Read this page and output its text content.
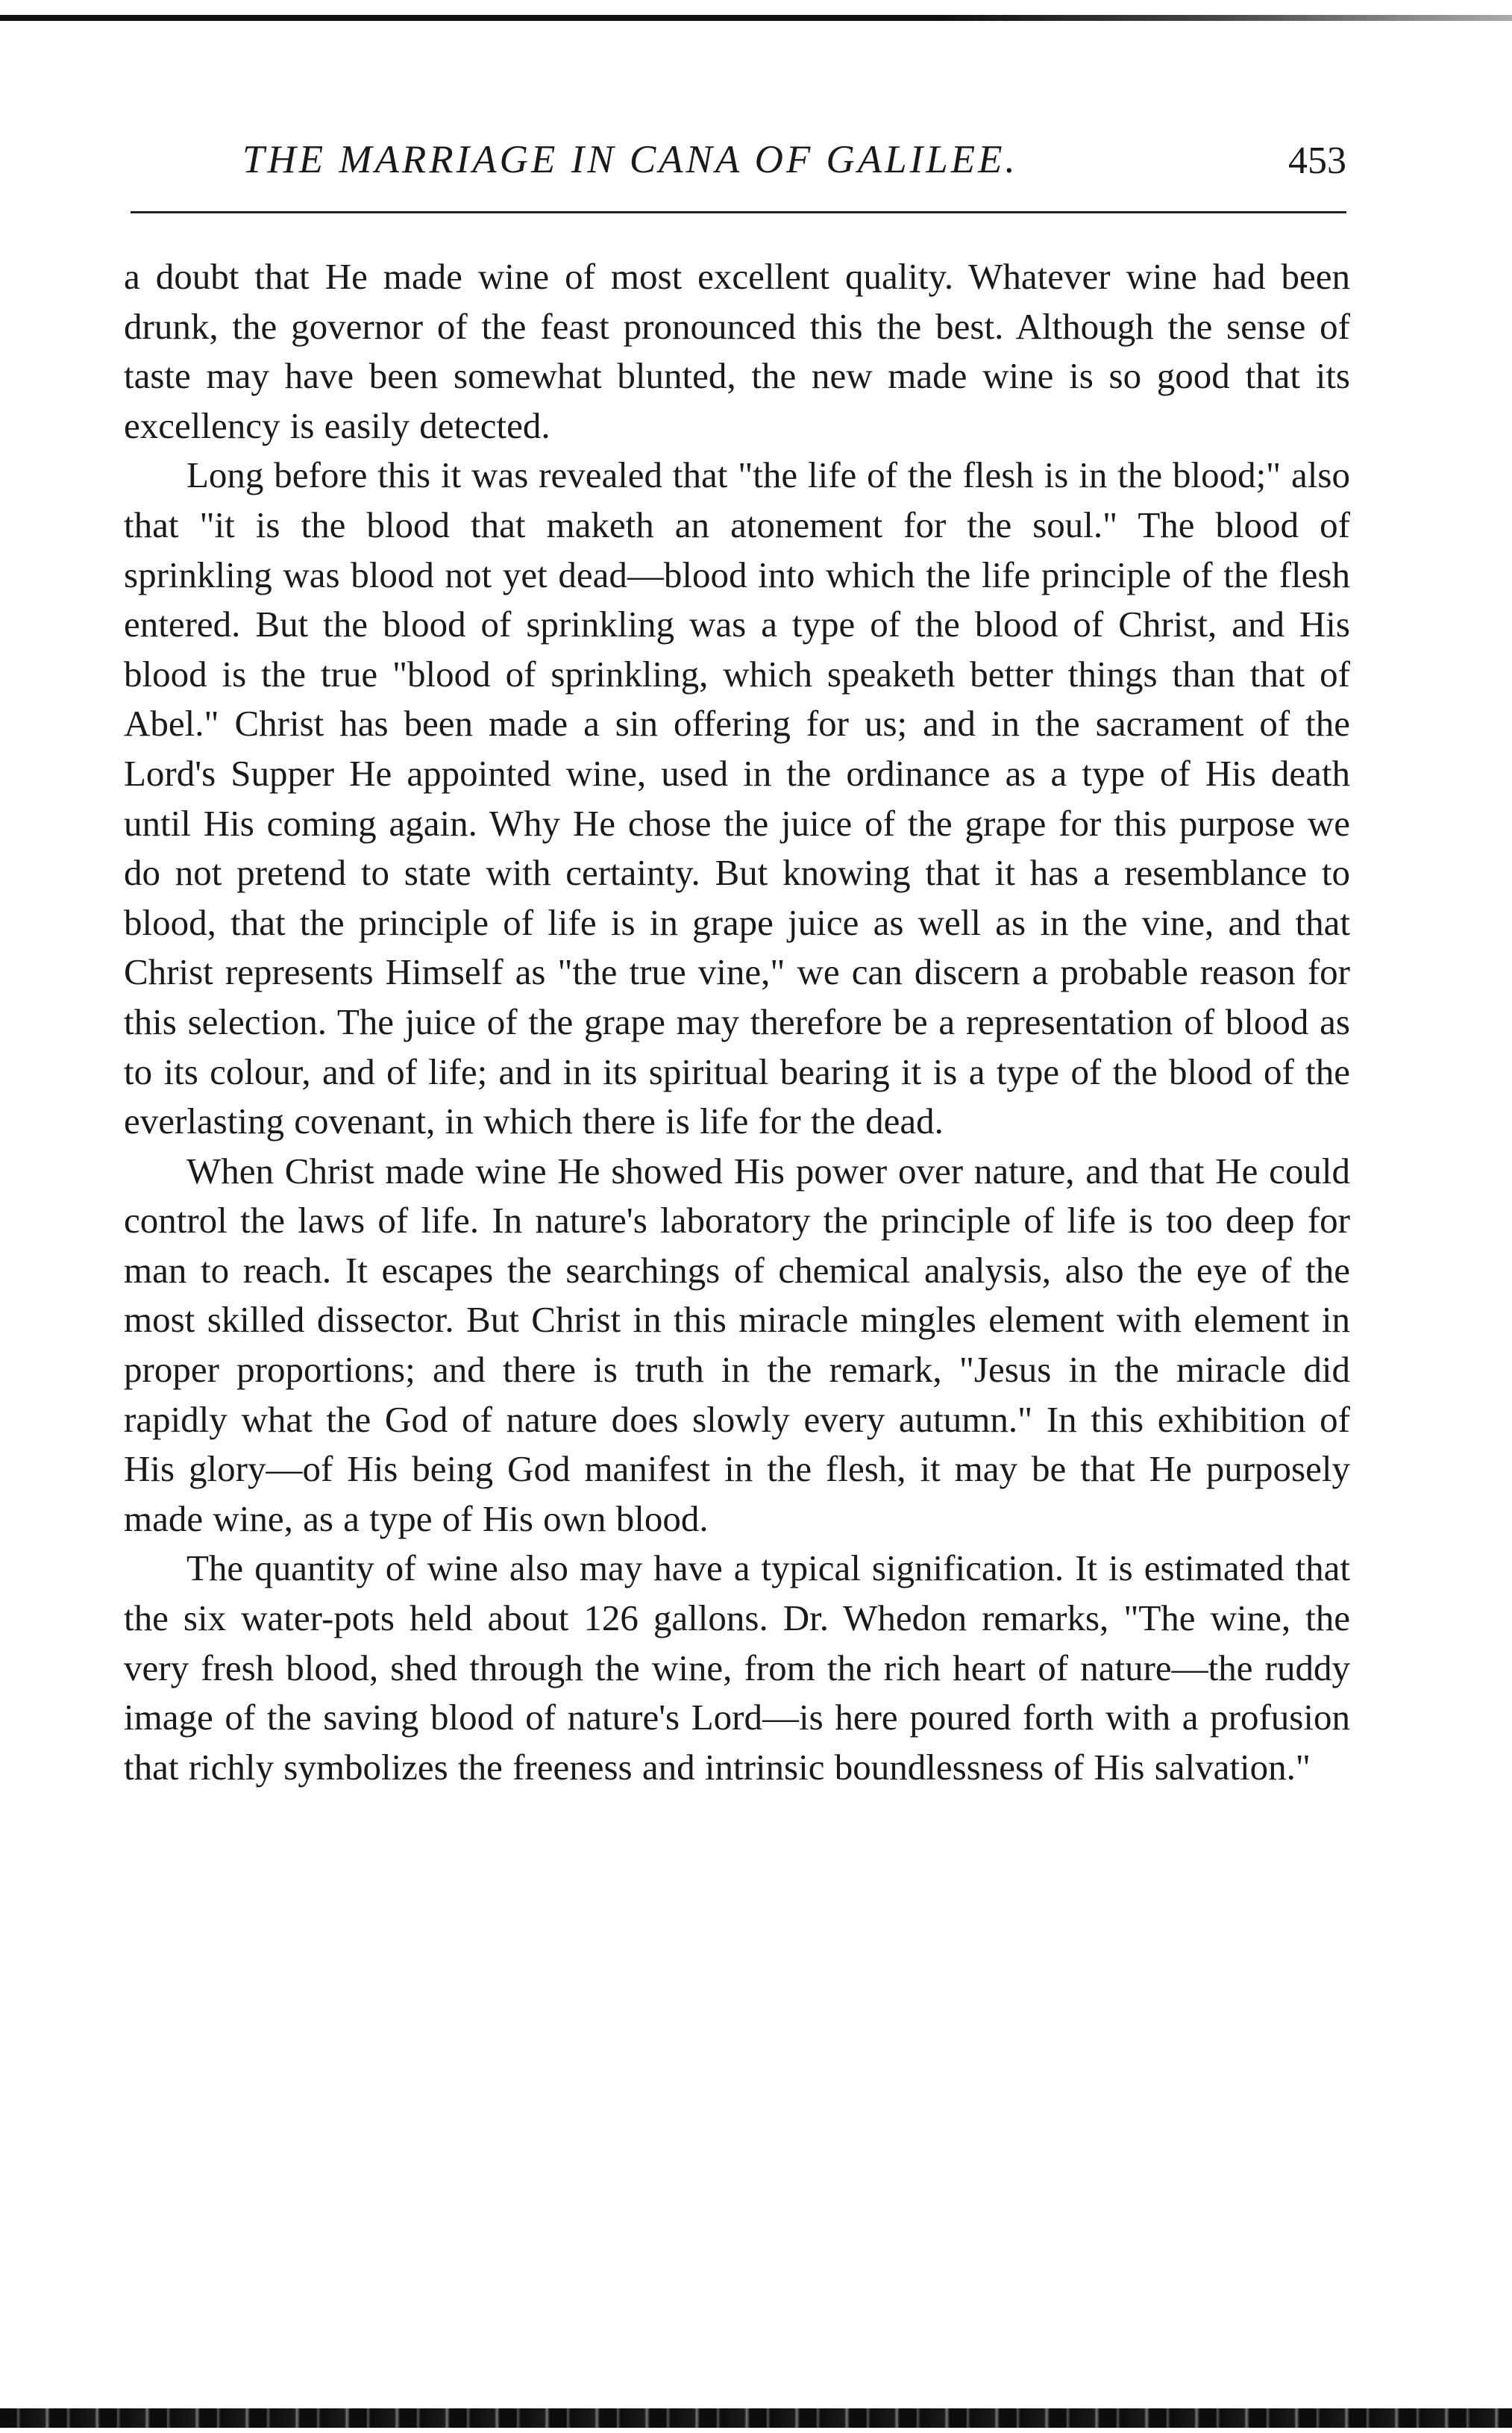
THE MARRIAGE IN CANA OF GALILEE.	453

a doubt that He made wine of most excellent quality. Whatever wine had been drunk, the governor of the feast pronounced this the best. Although the sense of taste may have been somewhat blunted, the new made wine is so good that its excellency is easily detected.

Long before this it was revealed that "the life of the flesh is in the blood;" also that "it is the blood that maketh an atonement for the soul." The blood of sprinkling was blood not yet dead—blood into which the life principle of the flesh entered. But the blood of sprinkling was a type of the blood of Christ, and His blood is the true "blood of sprinkling, which speaketh better things than that of Abel." Christ has been made a sin offering for us; and in the sacrament of the Lord's Supper He appointed wine, used in the ordinance as a type of His death until His coming again. Why He chose the juice of the grape for this purpose we do not pretend to state with certainty. But knowing that it has a resemblance to blood, that the principle of life is in grape juice as well as in the vine, and that Christ represents Himself as "the true vine," we can discern a probable reason for this selection. The juice of the grape may therefore be a representation of blood as to its colour, and of life; and in its spiritual bearing it is a type of the blood of the everlasting covenant, in which there is life for the dead.

When Christ made wine He showed His power over nature, and that He could control the laws of life. In nature's laboratory the principle of life is too deep for man to reach. It escapes the searchings of chemical analysis, also the eye of the most skilled dissector. But Christ in this miracle mingles element with element in proper proportions; and there is truth in the remark, "Jesus in the miracle did rapidly what the God of nature does slowly every autumn." In this exhibition of His glory—of His being God manifest in the flesh, it may be that He purposely made wine, as a type of His own blood.

The quantity of wine also may have a typical signification. It is estimated that the six water-pots held about 126 gallons. Dr. Whedon remarks, "The wine, the very fresh blood, shed through the wine, from the rich heart of nature—the ruddy image of the saving blood of nature's Lord—is here poured forth with a profusion that richly symbolizes the freeness and intrinsic boundlessness of His salvation."
